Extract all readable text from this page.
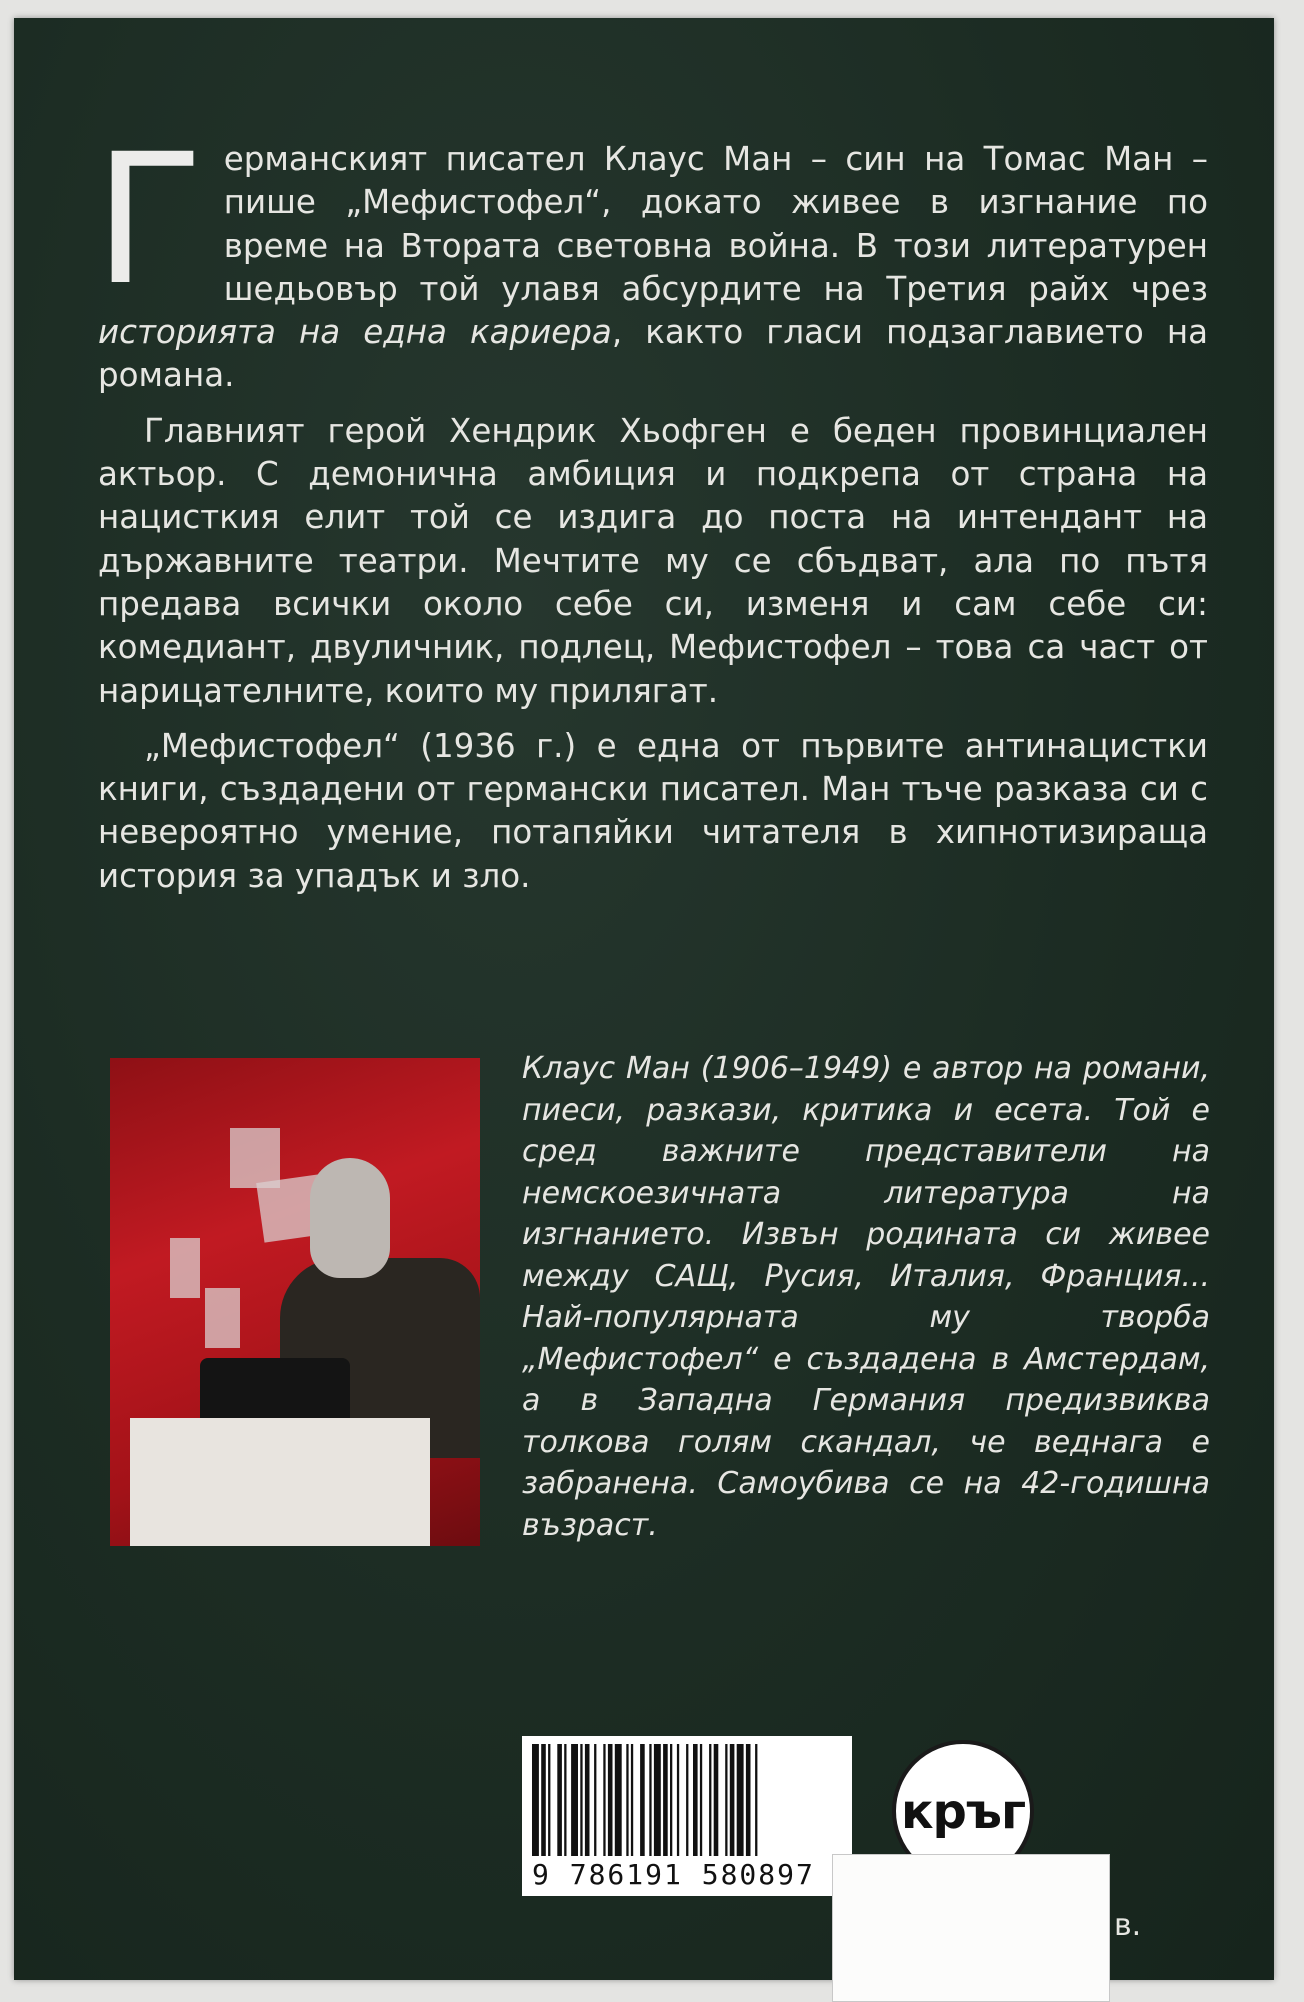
Германският писател Клаус Ман – син на Томас Ман – пише „Мефистофел“, докато живее в изгнание по време на Втората световна война. В този литературен шедьовър той улавя абсурдите на Третия райх чрез историята на една кариера, както гласи подзаглавието на романа.

Главният герой Хендрик Хьофген е беден провинциален актьор. С демонична амбиция и подкрепа от страна на нацисткия елит той се издига до поста на интендант на държавните театри. Мечтите му се сбъдват, ала по пътя предава всички около себе си, изменя и сам себе си: комедиант, двуличник, подлец, Мефистофел – това са част от нарицателните, които му прилягат.

„Мефистофел“ (1936 г.) е една от първите антинацистки книги, създадени от германски писател. Ман тъче разказа си с невероятно умение, потапяйки читателя в хипнотизираща история за упадък и зло.

Клаус Ман (1906–1949) е автор на романи, пиеси, разкази, критика и есета. Той е сред важните представители на немскоезичната литература на изгнанието. Извън родината си живее между САЩ, Русия, Италия, Франция... Най-популярната му творба „Мефистофел“ е създадена в Амстердам, а в Западна Германия предизвиква толкова голям скандал, че веднага е забранена. Самоубива се на 42-годишна възраст.
9 786191 580897
кръг
в.
